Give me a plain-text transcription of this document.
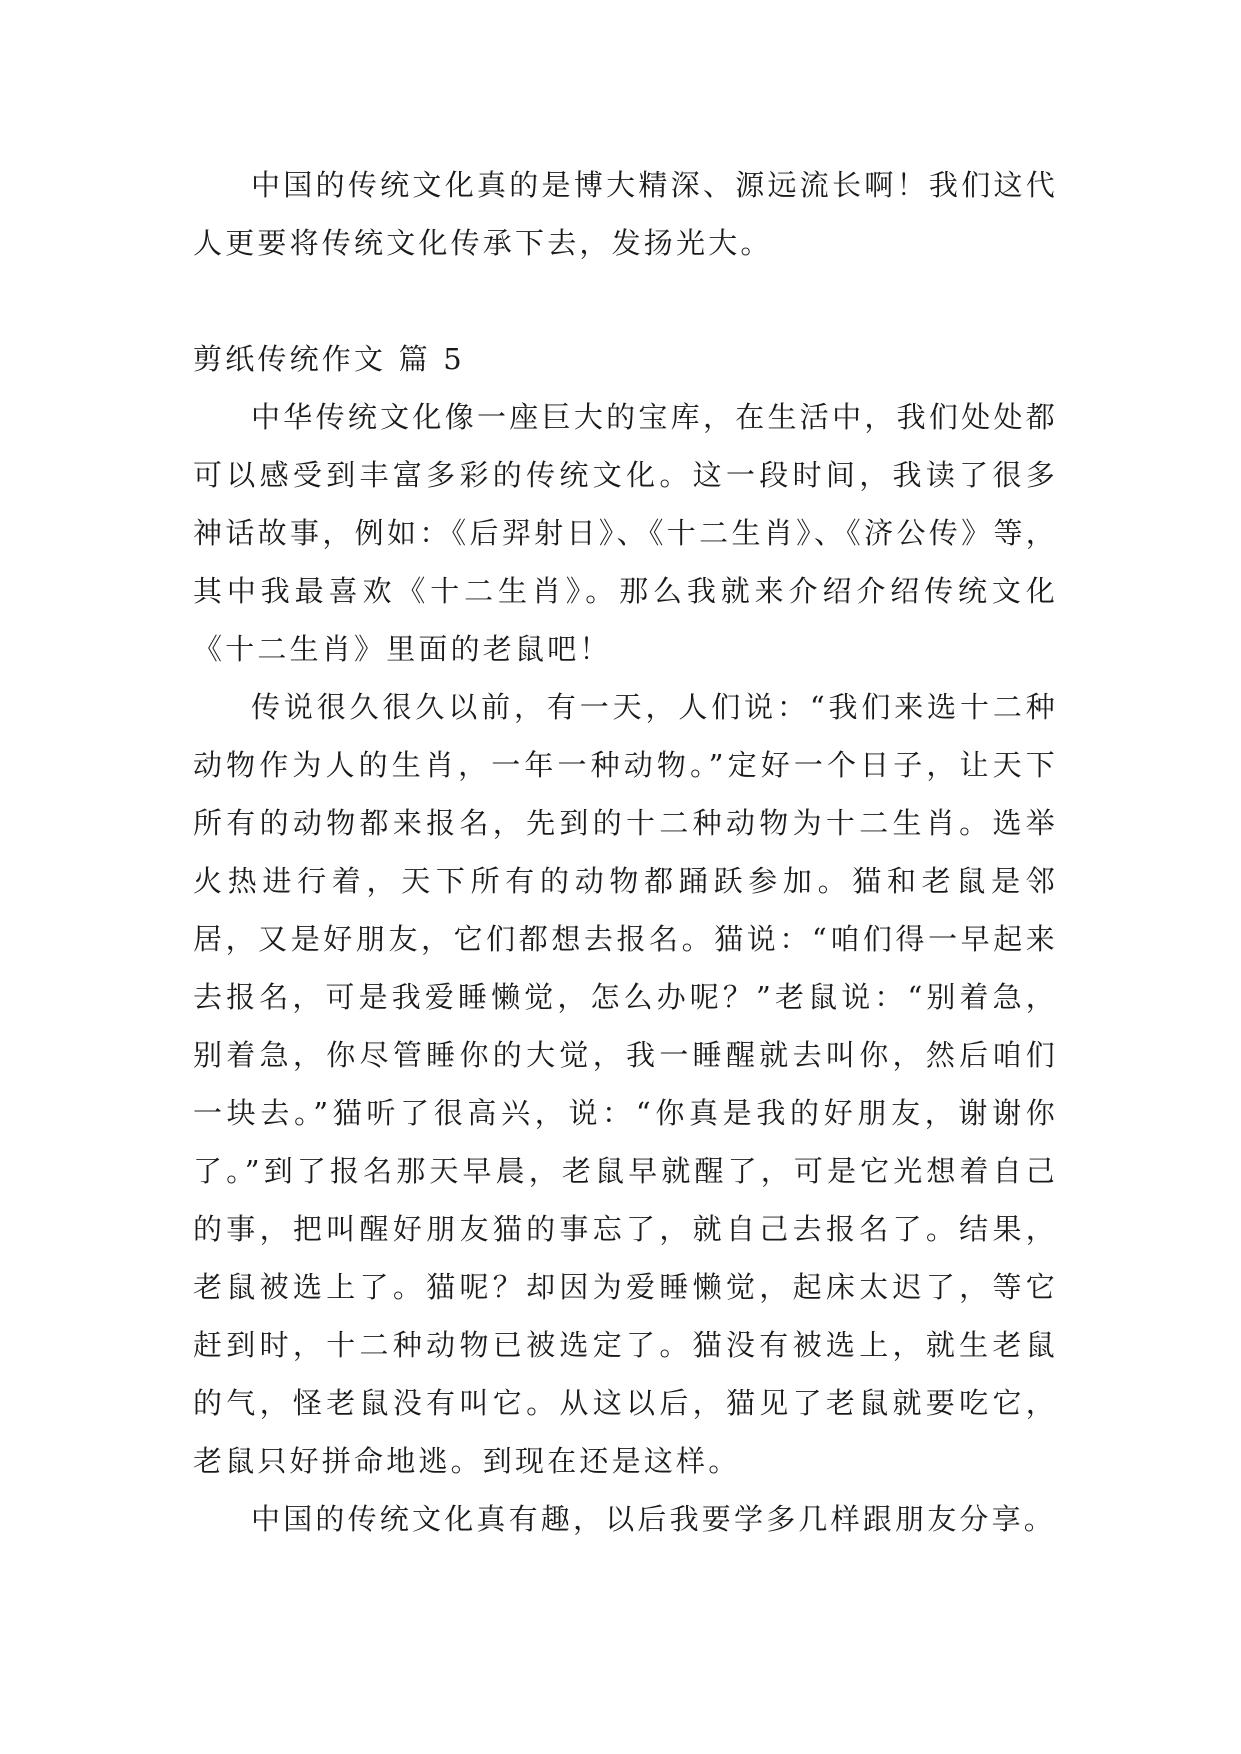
中国的传统文化真的是博大精深、源远流长啊！我们这代人更要将传统文化传承下去，发扬光大。

剪纸传统作文 篇 5

中华传统文化像一座巨大的宝库，在生活中，我们处处都可以感受到丰富多彩的传统文化。这一段时间，我读了很多神话故事，例如：《后羿射日》、《十二生肖》、《济公传》等，其中我最喜欢《十二生肖》。那么我就来介绍介绍传统文化《十二生肖》里面的老鼠吧！

传说很久很久以前，有一天，人们说：“我们来选十二种动物作为人的生肖，一年一种动物。”定好一个日子，让天下所有的动物都来报名，先到的十二种动物为十二生肖。选举火热进行着，天下所有的动物都踊跃参加。猫和老鼠是邻居，又是好朋友，它们都想去报名。猫说：“咱们得一早起来去报名，可是我爱睡懒觉，怎么办呢？”老鼠说：“别着急，别着急，你尽管睡你的大觉，我一睡醒就去叫你，然后咱们一块去。”猫听了很高兴，说：“你真是我的好朋友，谢谢你了。”到了报名那天早晨，老鼠早就醒了，可是它光想着自己的事，把叫醒好朋友猫的事忘了，就自己去报名了。结果，老鼠被选上了。猫呢？却因为爱睡懒觉，起床太迟了，等它赶到时，十二种动物已被选定了。猫没有被选上，就生老鼠的气，怪老鼠没有叫它。从这以后，猫见了老鼠就要吃它，老鼠只好拼命地逃。到现在还是这样。

中国的传统文化真有趣，以后我要学多几样跟朋友分享。
